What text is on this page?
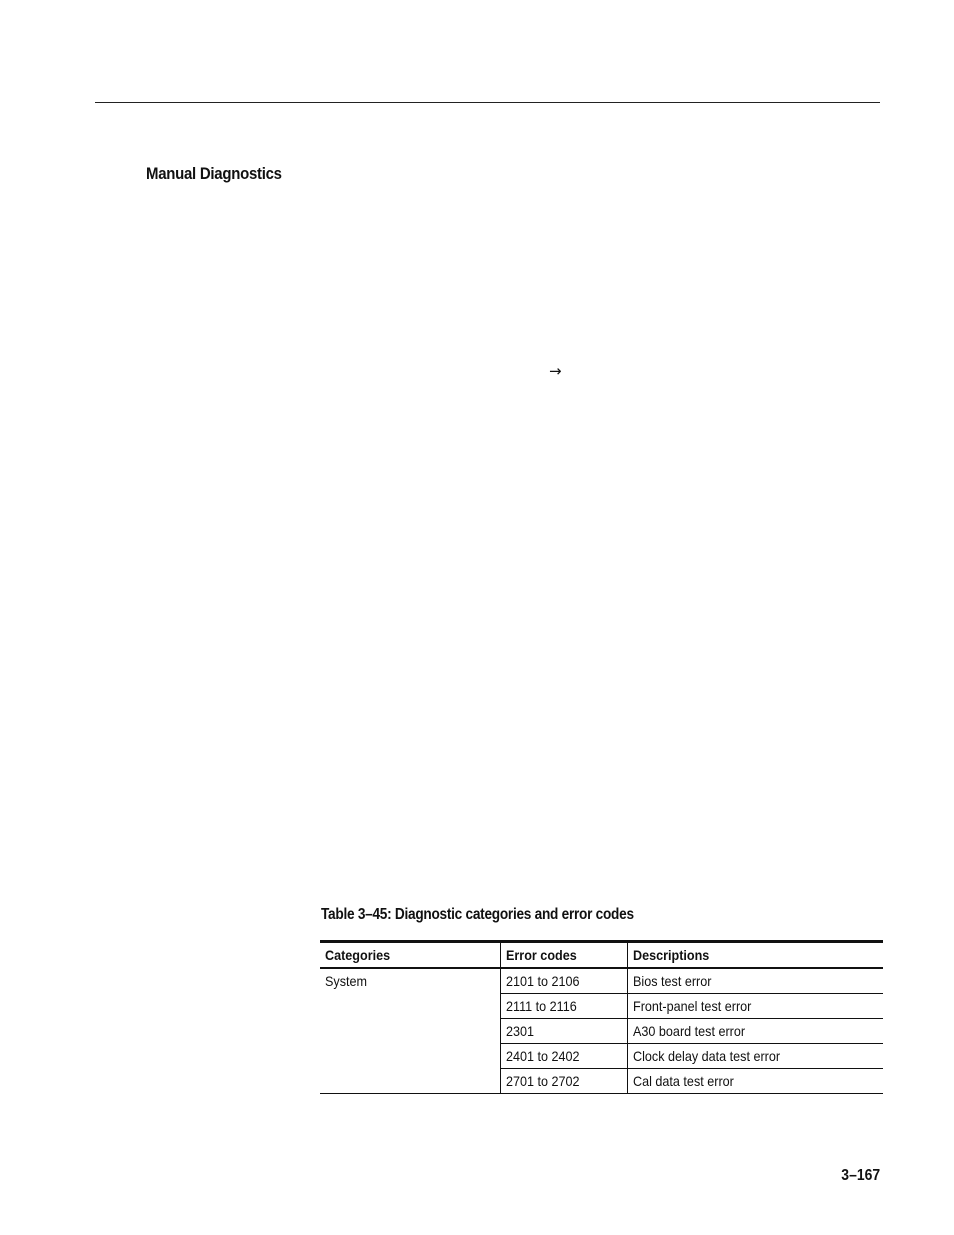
Manual Diagnostics
→
Table 3–45: Diagnostic categories and error codes
Categories	Error codes	Descriptions
System	2101 to 2106	Bios test error
	2111 to 2116	Front-panel test error
	2301	A30 board test error
	2401 to 2402	Clock delay data test error
	2701 to 2702	Cal data test error
3–167
